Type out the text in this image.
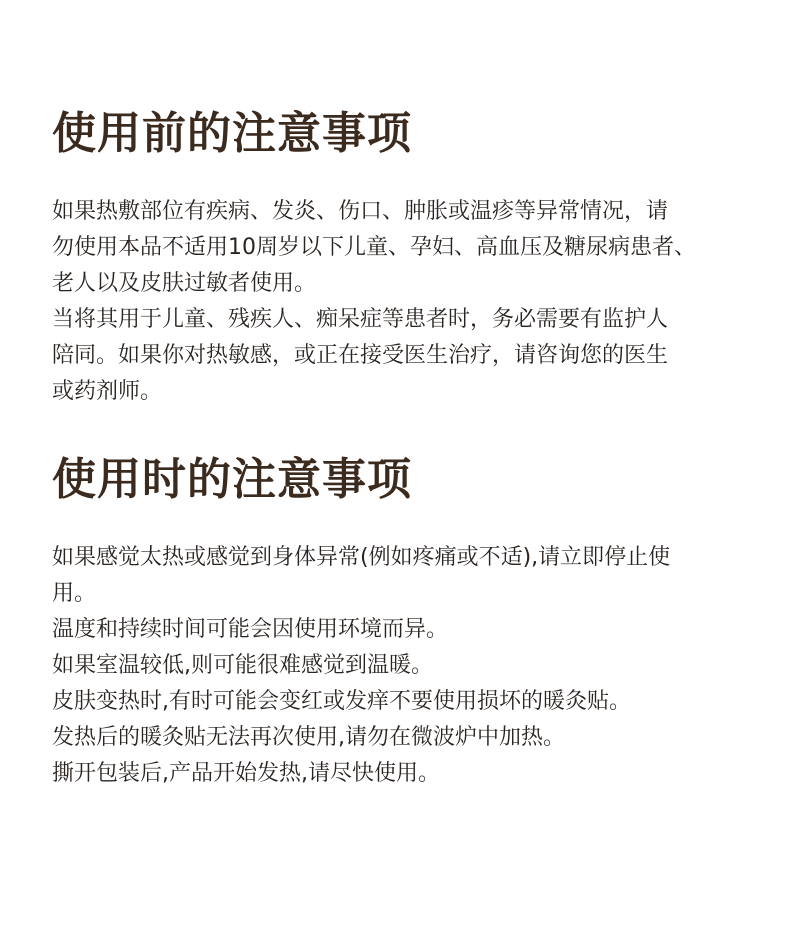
使用前的注意事项

如果热敷部位有疾病、发炎、伤口、肿胀或温疹等异常情况，请
勿使用本品不适用10周岁以下儿童、孕妇、高血压及糖尿病患者、
老人以及皮肤过敏者使用。

当将其用于儿童、残疾人、痴呆症等患者时，务必需要有监护人
陪同。如果你对热敏感，或正在接受医生治疗，请咨询您的医生
或药剂师。

使用时的注意事项

如果感觉太热或感觉到身体异常(例如疼痛或不适),请立即停止使
用。

温度和持续时间可能会因使用环境而异。

如果室温较低,则可能很难感觉到温暖。

皮肤变热时,有时可能会变红或发痒不要使用损坏的暖灸贴。

发热后的暖灸贴无法再次使用,请勿在微波炉中加热。

撕开包装后,产品开始发热,请尽快使用。
